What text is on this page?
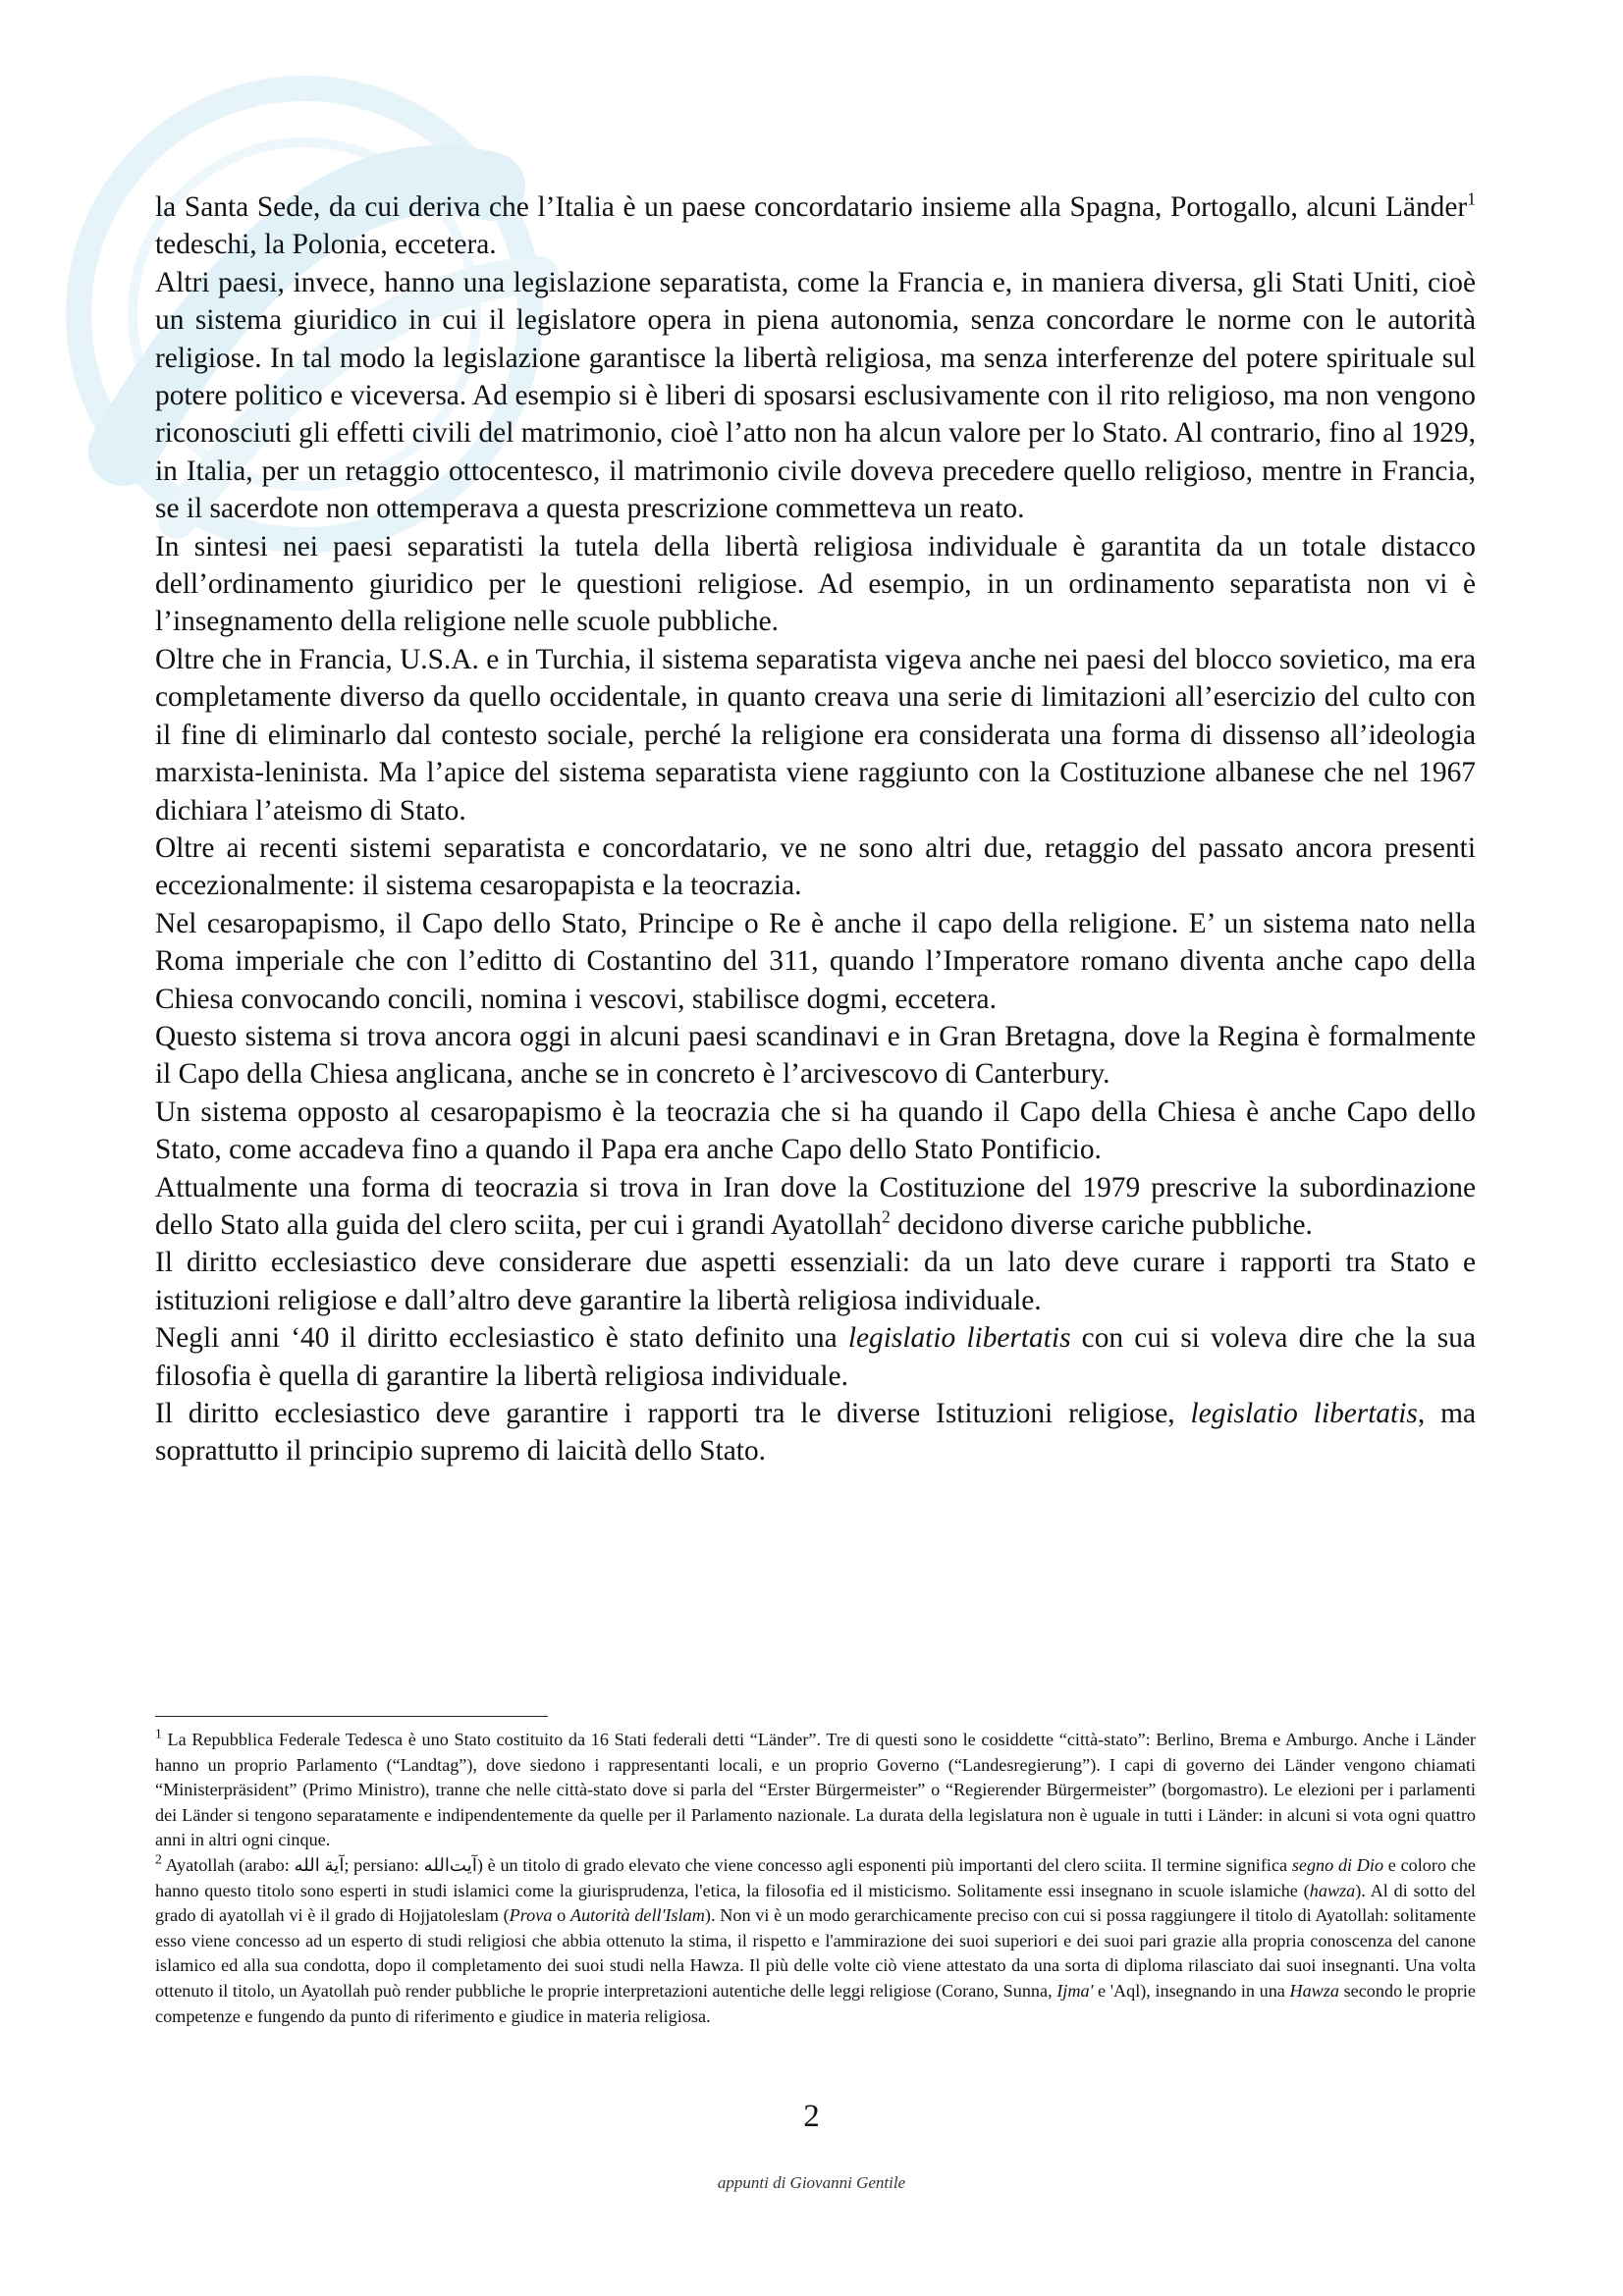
la Santa Sede, da cui deriva che l’Italia è un paese concordatario insieme alla Spagna, Portogallo, alcuni Länder$^1$ tedeschi, la Polonia, eccetera.

Altri paesi, invece, hanno una legislazione separatista, come la Francia e, in maniera diversa, gli Stati Uniti, cioè un sistema giuridico in cui il legislatore opera in piena autonomia, senza concordare le norme con le autorità religiose. In tal modo la legislazione garantisce la libertà religiosa, ma senza interferenze del potere spirituale sul potere politico e viceversa. Ad esempio si è liberi di sposarsi esclusivamente con il rito religioso, ma non vengono riconosciuti gli effetti civili del matrimonio, cioè l’atto non ha alcun valore per lo Stato. Al contrario, fino al 1929, in Italia, per un retaggio ottocentesco, il matrimonio civile doveva precedere quello religioso, mentre in Francia, se il sacerdote non ottemperava a questa prescrizione commetteva un reato.

In sintesi nei paesi separatisti la tutela della libertà religiosa individuale è garantita da un totale distacco dell’ordinamento giuridico per le questioni religiose. Ad esempio, in un ordinamento separatista non vi è l’insegnamento della religione nelle scuole pubbliche.

Oltre che in Francia, U.S.A. e in Turchia, il sistema separatista vigeva anche nei paesi del blocco sovietico, ma era completamente diverso da quello occidentale, in quanto creava una serie di limitazioni all’esercizio del culto con il fine di eliminarlo dal contesto sociale, perché la religione era considerata una forma di dissenso all’ideologia marxista-leninista. Ma l’apice del sistema separatista viene raggiunto con la Costituzione albanese che nel 1967 dichiara l’ateismo di Stato.

Oltre ai recenti sistemi separatista e concordatario, ve ne sono altri due, retaggio del passato ancora presenti eccezionalmente: il sistema cesaropapista e la teocrazia.

Nel cesaropapismo, il Capo dello Stato, Principe o Re è anche il capo della religione. E’ un sistema nato nella Roma imperiale che con l’editto di Costantino del 311, quando l’Imperatore romano diventa anche capo della Chiesa convocando concili, nomina i vescovi, stabilisce dogmi, eccetera.

Questo sistema si trova ancora oggi in alcuni paesi scandinavi e in Gran Bretagna, dove la Regina è formalmente il Capo della Chiesa anglicana, anche se in concreto è l’arcivescovo di Canterbury.

Un sistema opposto al cesaropapismo è la teocrazia che si ha quando il Capo della Chiesa è anche Capo dello Stato, come accadeva fino a quando il Papa era anche Capo dello Stato Pontificio.

Attualmente una forma di teocrazia si trova in Iran dove la Costituzione del 1979 prescrive la subordinazione dello Stato alla guida del clero sciita, per cui i grandi Ayatollah$^2$ decidono diverse cariche pubbliche.

Il diritto ecclesiastico deve considerare due aspetti essenziali: da un lato deve curare i rapporti tra Stato e istituzioni religiose e dall’altro deve garantire la libertà religiosa individuale.

Negli anni ‘40 il diritto ecclesiastico è stato definito una legislatio libertatis con cui si voleva dire che la sua filosofia è quella di garantire la libertà religiosa individuale.

Il diritto ecclesiastico deve garantire i rapporti tra le diverse Istituzioni religiose, legislatio libertatis, ma soprattutto il principio supremo di laicità dello Stato.

$^1$ La Repubblica Federale Tedesca è uno Stato costituito da 16 Stati federali detti “Länder”. Tre di questi sono le cosiddette “città-stato”: Berlino, Brema e Amburgo. Anche i Länder hanno un proprio Parlamento (“Landtag”), dove siedono i rappresentanti locali, e un proprio Governo (“Landesregierung”). I capi di governo dei Länder vengono chiamati “Ministerpräsident” (Primo Ministro), tranne che nelle città-stato dove si parla del “Erster Bürgermeister” o “Regierender Bürgermeister” (borgomastro). Le elezioni per i parlamenti dei Länder si tengono separatamente e indipendentemente da quelle per il Parlamento nazionale. La durata della legislatura non è uguale in tutti i Länder: in alcuni si vota ogni quattro anni in altri ogni cinque.

$^2$ Ayatollah (arabo: آية الله; persiano: آيت‌الله) è un titolo di grado elevato che viene concesso agli esponenti più importanti del clero sciita. Il termine significa segno di Dio e coloro che hanno questo titolo sono esperti in studi islamici come la giurisprudenza, l'etica, la filosofia ed il misticismo. Solitamente essi insegnano in scuole islamiche (hawza). Al di sotto del grado di ayatollah vi è il grado di Hojjatoleslam (Prova o Autorità dell'Islam). Non vi è un modo gerarchicamente preciso con cui si possa raggiungere il titolo di Ayatollah: solitamente esso viene concesso ad un esperto di studi religiosi che abbia ottenuto la stima, il rispetto e l'ammirazione dei suoi superiori e dei suoi pari grazie alla propria conoscenza del canone islamico ed alla sua condotta, dopo il completamento dei suoi studi nella Hawza. Il più delle volte ciò viene attestato da una sorta di diploma rilasciato dai suoi insegnanti. Una volta ottenuto il titolo, un Ayatollah può render pubbliche le proprie interpretazioni autentiche delle leggi religiose (Corano, Sunna, Ijma' e 'Aql), insegnando in una Hawza secondo le proprie competenze e fungendo da punto di riferimento e giudice in materia religiosa.

2
appunti di Giovanni Gentile
